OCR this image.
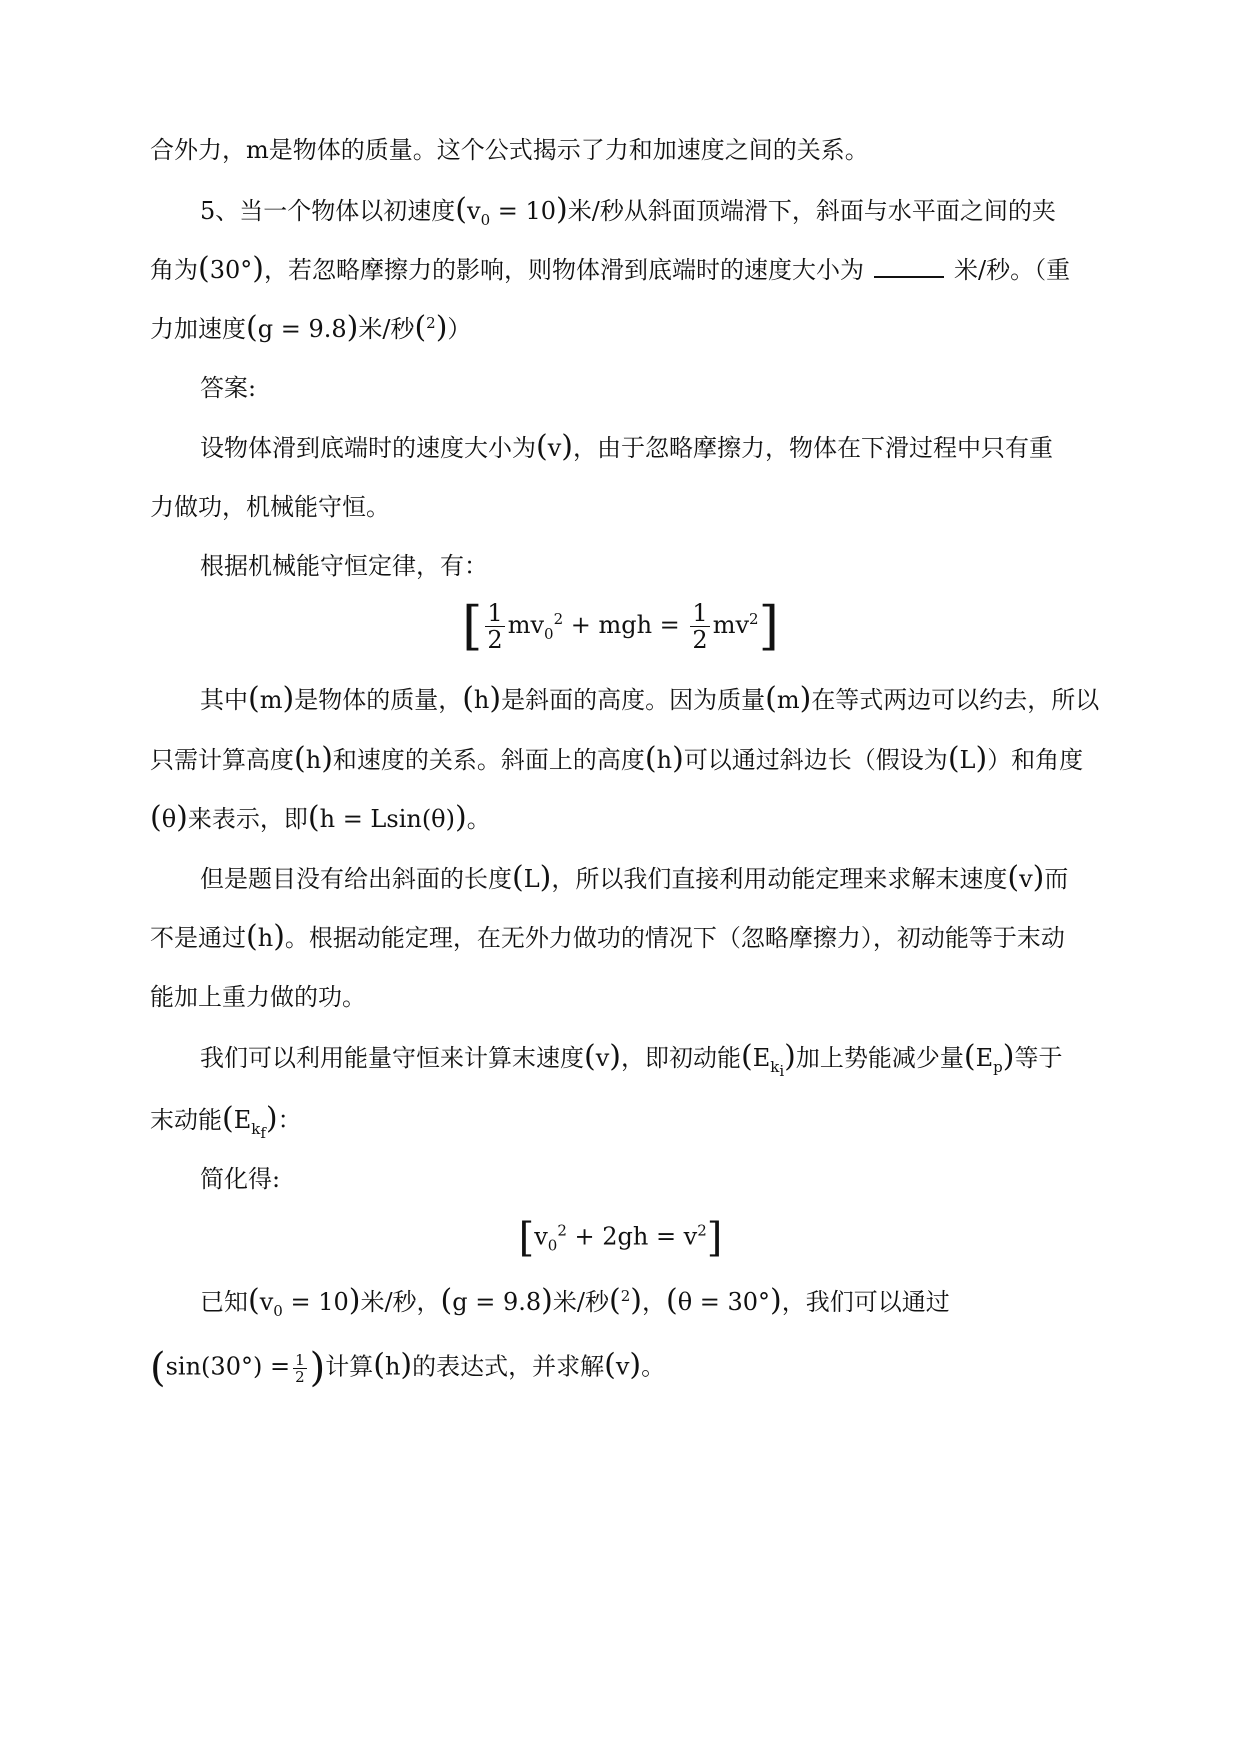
合外力，m是物体的质量。这个公式揭示了力和加速度之间的关系。
5、当一个物体以初速度$(v_0 = 10)$米/秒从斜面顶端滑下，斜面与水平面之间的夹
角为(30°)，若忽略摩擦力的影响，则物体滑到底端时的速度大小为	米/秒。（重
力加速度(g = 9.8)米/秒($^2$)）
答案:
设物体滑到底端时的速度大小为(v)，由于忽略摩擦力，物体在下滑过程中只有重
力做功，机械能守恒。
根据机械能守恒定律，有：
[ $\frac{1}{2} mv_0^2$ + mgh = $\frac{1}{2} mv^2$]
其中(m)是物体的质量，(h)是斜面的高度。因为质量(m)在等式两边可以约去，所以
只需计算高度(h)和速度的关系。斜面上的高度(h)可以通过斜边长（假设为(L)）和角度
(θ)来表示，即(h = Lsin(θ))。
但是题目没有给出斜面的长度(L)，所以我们直接利用动能定理来求解末速度(v)而
不是通过(h)。根据动能定理，在无外力做功的情况下（忽略摩擦力），初动能等于末动
能加上重力做的功。
我们可以利用能量守恒来计算末速度(v)，即初动能$(E_{k_i})$加上势能减少量$(E_p)$等于
末动能$(E_{k_f})$：
简化得:
$[v_0^2 + 2gh = v^2]$
已知$(v_0 = 10)$米/秒，(g = 9.8)米/秒($^2$)，(θ = 30°)，我们可以通过
($\sin(30^\circ) = \frac{1}{2}$ )计算(h)的表达式，并求解(v)。
